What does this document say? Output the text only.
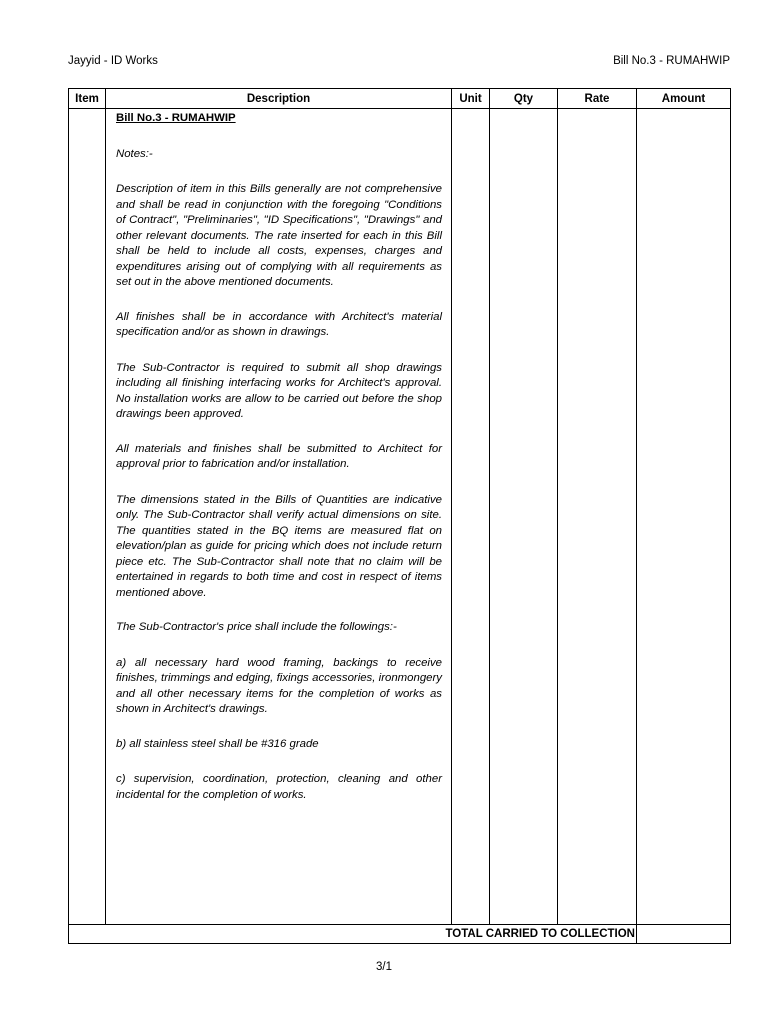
Jayyid - ID Works	Bill No.3 - RUMAHWIP
Item	Description	Unit	Qty	Rate	Amount
Bill No.3 - RUMAHWIP

Notes:-

Description of item in this Bills generally are not comprehensive and shall be read in conjunction with the foregoing "Conditions of Contract", "Preliminaries", "ID Specifications", "Drawings" and other relevant documents. The rate inserted for each in this Bill shall be held to include all costs, expenses, charges and expenditures arising out of complying with all requirements as set out in the above mentioned documents.

All finishes shall be in accordance with Architect's material specification and/or as shown in drawings.

The Sub-Contractor is required to submit all shop drawings including all finishing interfacing works for Architect's approval. No installation works are allow to be carried out before the shop drawings been approved.

All materials and finishes shall be submitted to Architect for approval prior to fabrication and/or installation.

The dimensions stated in the Bills of Quantities are indicative only. The Sub-Contractor shall verify actual dimensions on site. The quantities stated in the BQ items are measured flat on elevation/plan as guide for pricing which does not include return piece etc. The Sub-Contractor shall note that no claim will be entertained in regards to both time and cost in respect of items mentioned above.

The Sub-Contractor's price shall include the followings:-

a) all necessary hard wood framing, backings to receive finishes, trimmings and edging, fixings accessories, ironmongery and all other necessary items for the completion of works as shown in Architect's drawings.

b) all stainless steel shall be #316 grade

c) supervision, coordination, protection, cleaning and other incidental for the completion of works.

TOTAL CARRIED TO COLLECTION
3/1
